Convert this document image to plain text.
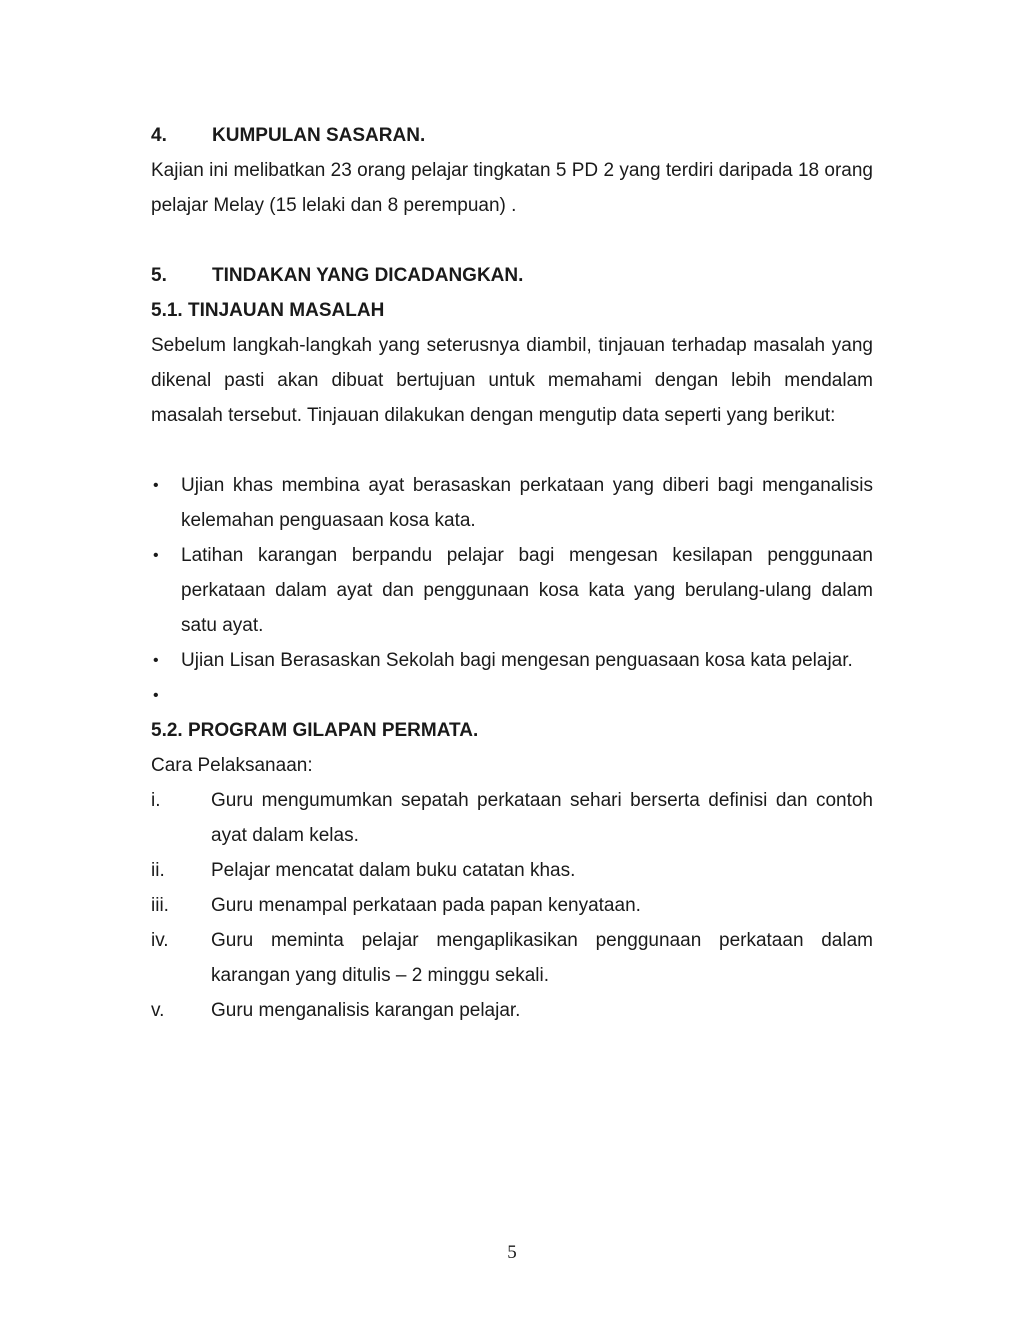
4.	KUMPULAN SASARAN.
Kajian ini melibatkan 23 orang pelajar tingkatan 5 PD 2 yang terdiri daripada 18 orang pelajar Melay (15 lelaki dan 8 perempuan) .
5.	TINDAKAN YANG DICADANGKAN.
5.1. TINJAUAN MASALAH
Sebelum langkah-langkah yang seterusnya diambil, tinjauan terhadap masalah yang dikenal pasti akan dibuat bertujuan untuk memahami dengan lebih mendalam masalah tersebut. Tinjauan dilakukan dengan mengutip data seperti yang berikut:
•	Ujian khas membina ayat berasaskan perkataan yang diberi bagi menganalisis kelemahan penguasaan kosa kata.
•	Latihan karangan berpandu pelajar bagi mengesan kesilapan penggunaan perkataan dalam ayat dan penggunaan kosa kata yang berulang-ulang dalam satu ayat.
•	Ujian Lisan Berasaskan Sekolah bagi mengesan penguasaan kosa kata pelajar.
•
5.2. PROGRAM GILAPAN PERMATA.
Cara Pelaksanaan:
i.	Guru mengumumkan sepatah perkataan sehari berserta definisi dan contoh ayat dalam kelas.
ii.	Pelajar mencatat dalam buku catatan khas.
iii.	Guru menampal perkataan pada papan kenyataan.
iv.	Guru meminta pelajar mengaplikasikan penggunaan perkataan dalam karangan yang ditulis – 2 minggu sekali.
v.	Guru menganalisis karangan pelajar.
5
